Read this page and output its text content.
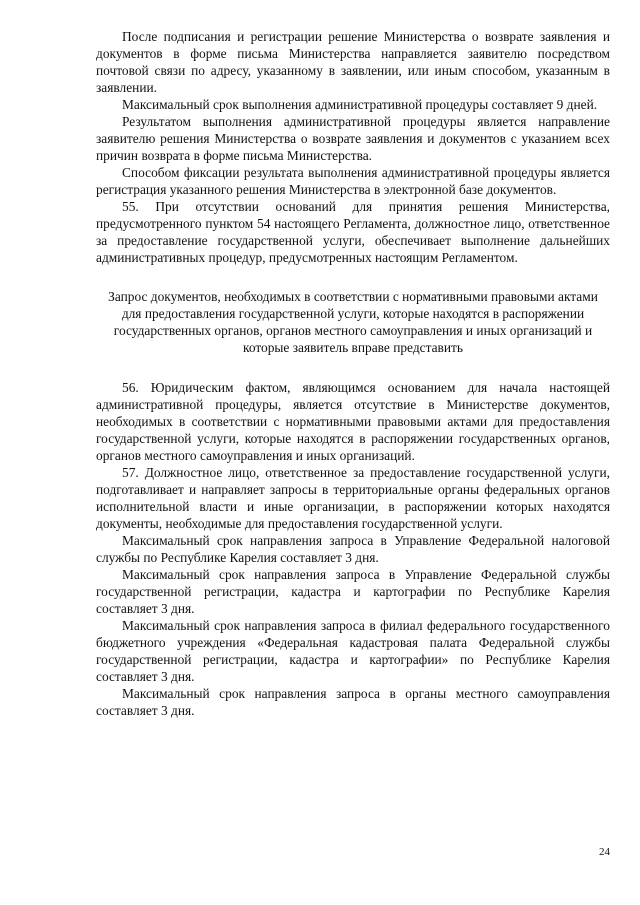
После подписания и регистрации решение Министерства о возврате заявления и документов в форме письма Министерства направляется заявителю посредством почтовой связи по адресу, указанному в заявлении, или иным способом, указанным в заявлении.

Максимальный срок выполнения административной процедуры составляет 9 дней.

Результатом выполнения административной процедуры является направление заявителю решения Министерства о возврате заявления и документов с указанием всех причин возврата в форме письма Министерства.

Способом фиксации результата выполнения административной процедуры является регистрация указанного решения Министерства в электронной базе документов.

55. При отсутствии оснований для принятия решения Министерства, предусмотренного пунктом 54 настоящего Регламента, должностное лицо, ответственное за предоставление государственной услуги, обеспечивает выполнение дальнейших административных процедур, предусмотренных настоящим Регламентом.

Запрос документов, необходимых в соответствии с нормативными правовыми актами для предоставления государственной услуги, которые находятся в распоряжении государственных органов, органов местного самоуправления и иных организаций и которые заявитель вправе представить

56. Юридическим фактом, являющимся основанием для начала настоящей административной процедуры, является отсутствие в Министерстве документов, необходимых в соответствии с нормативными правовыми актами для предоставления государственной услуги, которые находятся в распоряжении государственных органов, органов местного самоуправления и иных организаций.

57. Должностное лицо, ответственное за предоставление государственной услуги, подготавливает и направляет запросы в территориальные органы федеральных органов исполнительной власти и иные организации, в распоряжении которых находятся документы, необходимые для предоставления государственной услуги.

Максимальный срок направления запроса в Управление Федеральной налоговой службы по Республике Карелия составляет 3 дня.

Максимальный срок направления запроса в Управление Федеральной службы государственной регистрации, кадастра и картографии по Республике Карелия составляет 3 дня.

Максимальный срок направления запроса в филиал федерального государственного бюджетного учреждения «Федеральная кадастровая палата Федеральной службы государственной регистрации, кадастра и картографии» по Республике Карелия составляет 3 дня.

Максимальный срок направления запроса в органы местного самоуправления составляет 3 дня.

24
